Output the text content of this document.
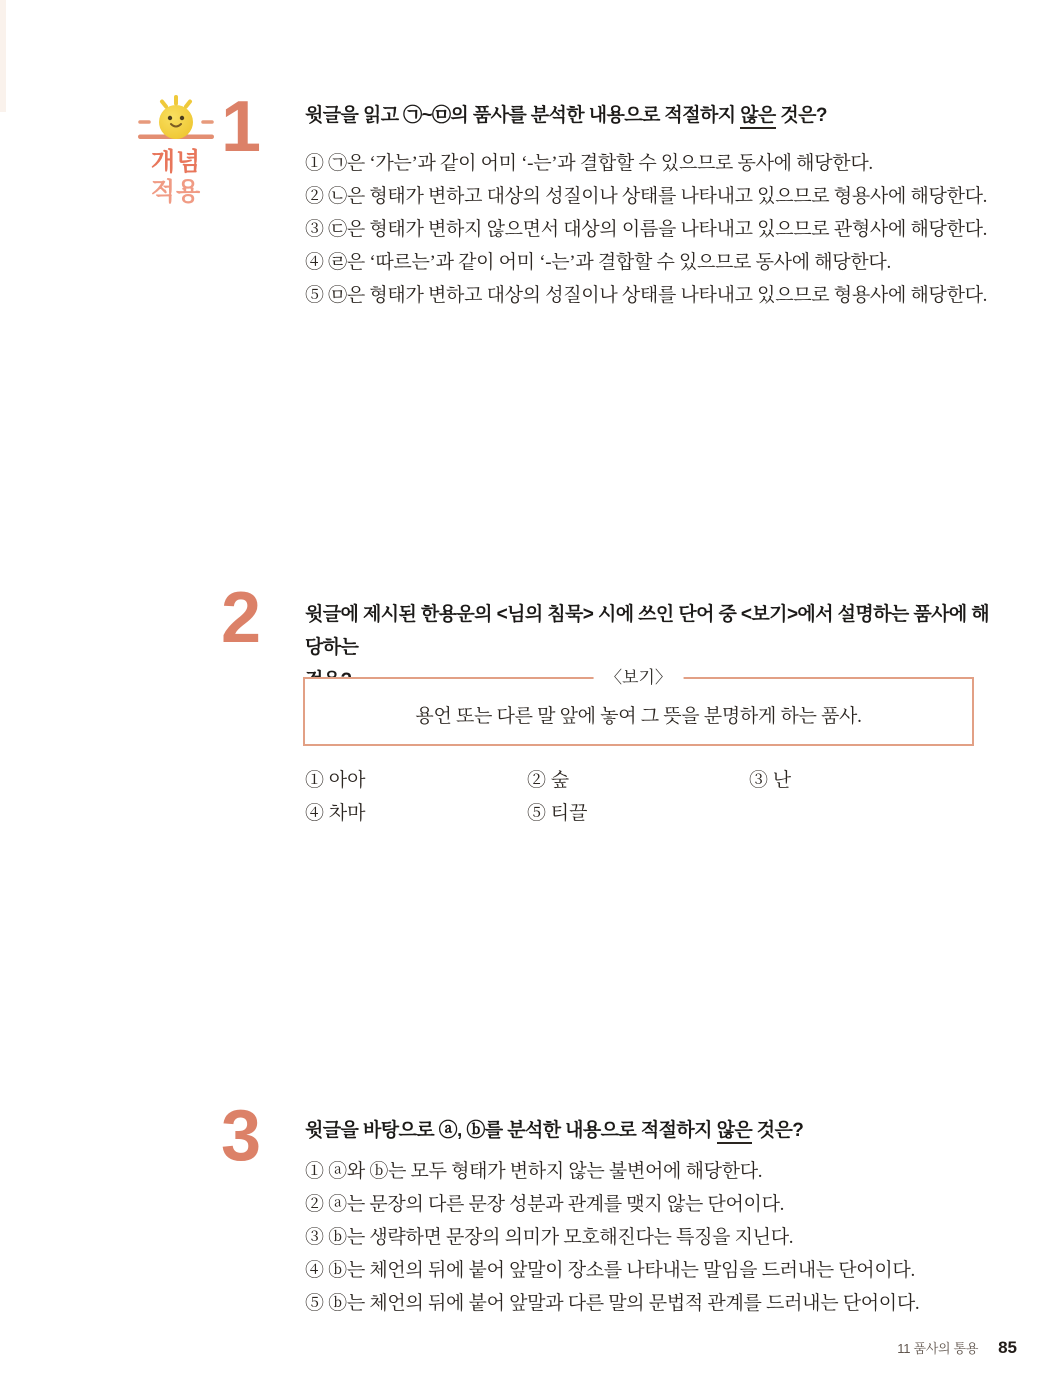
개념
적용
1	윗글을 읽고 ㉠~㉤의 품사를 분석한 내용으로 적절하지 않은 것은?
① ㉠은 ‘가는’과 같이 어미 ‘-는’과 결합할 수 있으므로 동사에 해당한다.
② ㉡은 형태가 변하고 대상의 성질이나 상태를 나타내고 있으므로 형용사에 해당한다.
③ ㉢은 형태가 변하지 않으면서 대상의 이름을 나타내고 있으므로 관형사에 해당한다.
④ ㉣은 ‘따르는’과 같이 어미 ‘-는’과 결합할 수 있으므로 동사에 해당한다.
⑤ ㉤은 형태가 변하고 대상의 성질이나 상태를 나타내고 있으므로 형용사에 해당한다.
2	윗글에 제시된 한용운의 <님의 침묵> 시에 쓰인 단어 중 <보기>에서 설명하는 품사에 해당하는
〈보기〉
용언 또는 다른 말 앞에 놓여 그 뜻을 분명하게 하는 품사.
① 아아	② 숲	③ 난
④ 차마	⑤ 티끌
3	윗글을 바탕으로 ⓐ, ⓑ를 분석한 내용으로 적절하지 않은 것은?
① ⓐ와 ⓑ는 모두 형태가 변하지 않는 불변어에 해당한다.
② ⓐ는 문장의 다른 문장 성분과 관계를 맺지 않는 단어이다.
③ ⓑ는 생략하면 문장의 의미가 모호해진다는 특징을 지닌다.
④ ⓑ는 체언의 뒤에 붙어 앞말이 장소를 나타내는 말임을 드러내는 단어이다.
⑤ ⓑ는 체언의 뒤에 붙어 앞말과 다른 말의 문법적 관계를 드러내는 단어이다.
11 품사의 통용 85
